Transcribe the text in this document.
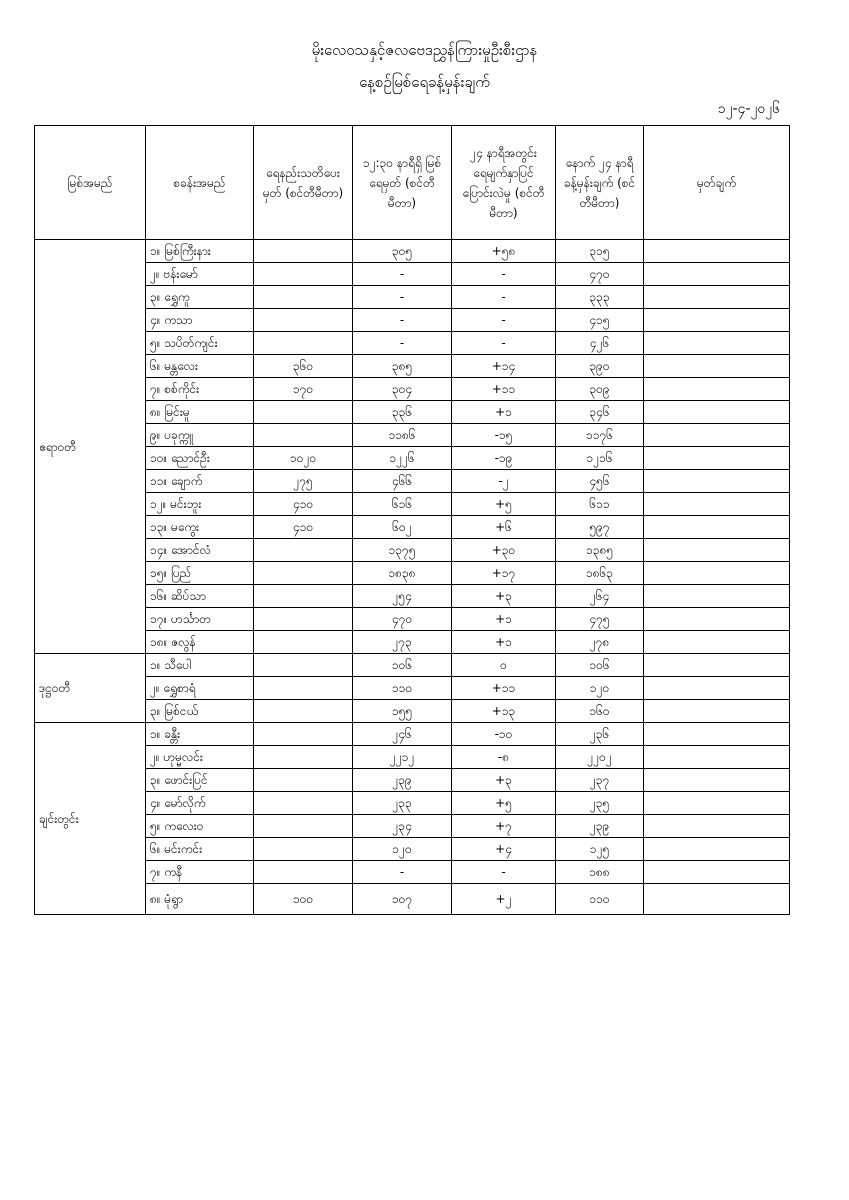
မိုးလေဝသနှင့်ဇလဗေဒညွှန်ကြားမှုဦးစီးဌာန
နေ့စဉ်မြစ်ရေခန့်မှန်းချက်
၁၂-၄-၂၀၂၆
မြစ်အမည်	စခန်းအမည်	ရေနည်းသတိပေးမှတ် (စင်တီမီတာ)	၁၂:၃၀ နာရီရှိ မြစ်ရေမှတ် (စင်တီမီတာ)	၂၄ နာရီအတွင်း ရေမျက်နှာပြင် ပြောင်းလဲမှု (စင်တီမီတာ)	နောက် ၂၄ နာရီ ခန့်မှန်းချက် (စင်တီမီတာ)	မှတ်ချက်
ဧရာဝတီ	၁။ မြစ်ကြီးနား		၃၀၅	+၅၈	၃၁၅	
	၂။ ဗန်းမော်		-	-	၄၇၀	
	၃။ ရွှေကူ		-	-	၃၃၃	
	၄။ ကသာ		-	-	၄၁၅	
	၅။ သပိတ်ကျင်း		-	-	၄၂၆	
	၆။ မန္တလေး	၃၆၀	၃၈၅	+၁၄	၃၉၀	
	၇။ စစ်ကိုင်း	၁၇၀	၃၀၄	+၁၁	၃၀၉	
	၈။ မြင်းမူ		၃၃၆	+၁	၃၄၆	
	၉။ ပခုက္ကူ		၁၁၈၆	-၁၅	၁၁၇၆	
	၁၀။ ညောင်ဦး	၁၀၂၀	၁၂၂၆	-၁၉	၁၂၁၆	
	၁၁။ ချောက်	၂၇၅	၄၆၆	-၂	၄၅၆	
	၁၂။ မင်းဘူး	၄၁၀	၆၁၆	+၅	၆၁၁	
	၁၃။ မကွေး	၄၁၀	၆၀၂	+၆	၅၉၇	
	၁၄။ အောင်လံ		၁၃၇၅	+၃၀	၁၃၈၅	
	၁၅။ ပြည်		၁၈၃၈	+၁၇	၁၈၆၃	
	၁၆။ ဆိပ်သာ		၂၅၄	+၃	၂၆၄	
	၁၇။ ဟင်္သာတ		၄၇၀	+၁	၄၇၅	
	၁၈။ ဇလွန်		၂၇၃	+၁	၂၇၈	
ဒုဋ္ဌဝတီ	၁။ သီပေါ		၁၀၆	၀	၁၀၆	
	၂။ ရွှေစာရံ		၁၁၀	+၁၁	၁၂၀	
	၃။ မြစ်ငယ်		၁၅၅	+၁၃	၁၆၀	
ချင်းတွင်း	၁။ ခန္တီး		၂၄၆	-၁၀	၂၃၆	
	၂။ ဟုမ္မလင်း		၂၂၁၂	-၈	၂၂၀၂	
	၃။ ဖောင်းပြင်		၂၃၉	+၃	၂၃၇	
	၄။ မော်လိုက်		၂၃၃	+၅	၂၃၅	
	၅။ ကလေးဝ		၂၃၄	+၇	၂၃၉	
	၆။ မင်းကင်း		၁၂၀	+၄	၁၂၅	
	၇။ ကနီ		-	-	၁၈၈	
	၈။ မုံရွာ	၁၀၀	၁၀၇	+၂	၁၁၀	
